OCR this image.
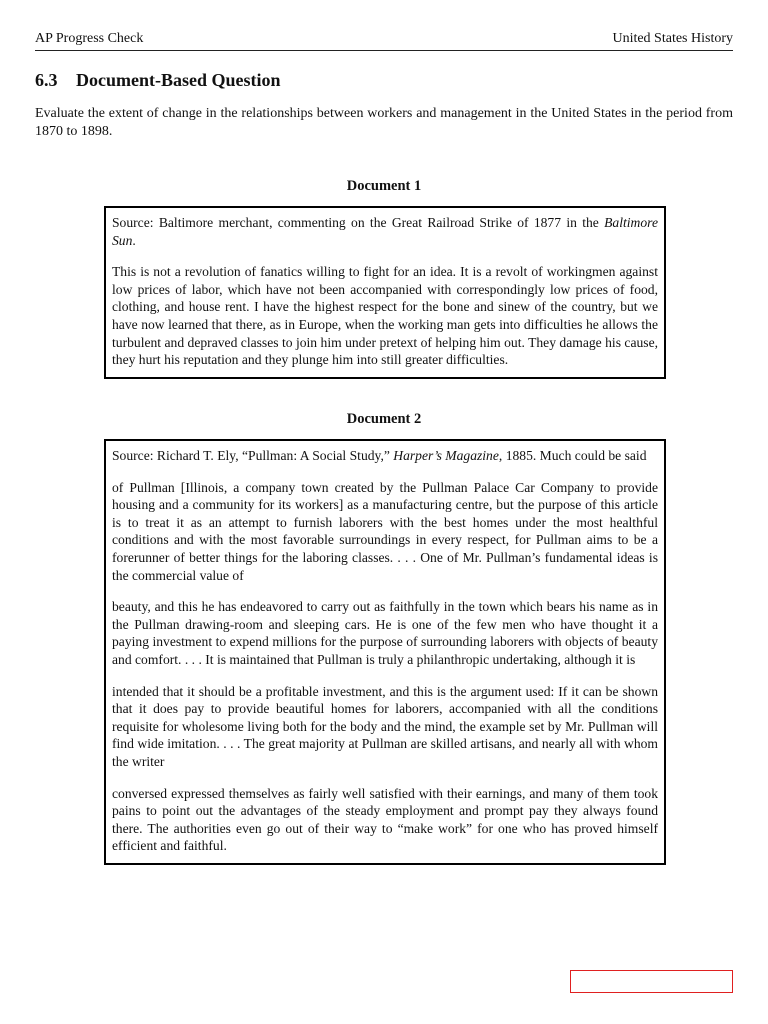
AP Progress Check	United States History
6.3 Document-Based Question
Evaluate the extent of change in the relationships between workers and management in the United States in the period from 1870 to 1898.
Document 1

Source: Baltimore merchant, commenting on the Great Railroad Strike of 1877 in the Baltimore Sun.

This is not a revolution of fanatics willing to fight for an idea. It is a revolt of workingmen against low prices of labor, which have not been accompanied with correspondingly low prices of food, clothing, and house rent. I have the highest respect for the bone and sinew of the country, but we have now learned that there, as in Europe, when the working man gets into difficulties he allows the turbulent and depraved classes to join him under pretext of helping him out. They damage his cause, they hurt his reputation and they plunge him into still greater difficulties.

Document 2

Source: Richard T. Ely, “Pullman: A Social Study,” Harper’s Magazine, 1885. Much could be said

of Pullman [Illinois, a company town created by the Pullman Palace Car Company to provide housing and a community for its workers] as a manufacturing centre, but the purpose of this article is to treat it as an attempt to furnish laborers with the best homes under the most healthful conditions and with the most favorable surroundings in every respect, for Pullman aims to be a forerunner of better things for the laboring classes. . . . One of Mr. Pullman’s fundamental ideas is the commercial value of

beauty, and this he has endeavored to carry out as faithfully in the town which bears his name as in the Pullman drawing-room and sleeping cars. He is one of the few men who have thought it a paying investment to expend millions for the purpose of surrounding laborers with objects of beauty and comfort. . . . It is maintained that Pullman is truly a philanthropic undertaking, although it is

intended that it should be a profitable investment, and this is the argument used: If it can be shown that it does pay to provide beautiful homes for laborers, accompanied with all the conditions requisite for wholesome living both for the body and the mind, the example set by Mr. Pullman will find wide imitation. . . . The great majority at Pullman are skilled artisans, and nearly all with whom the writer

conversed expressed themselves as fairly well satisfied with their earnings, and many of them took pains to point out the advantages of the steady employment and prompt pay they always found there. The authorities even go out of their way to “make work” for one who has proved himself efficient and faithful.
